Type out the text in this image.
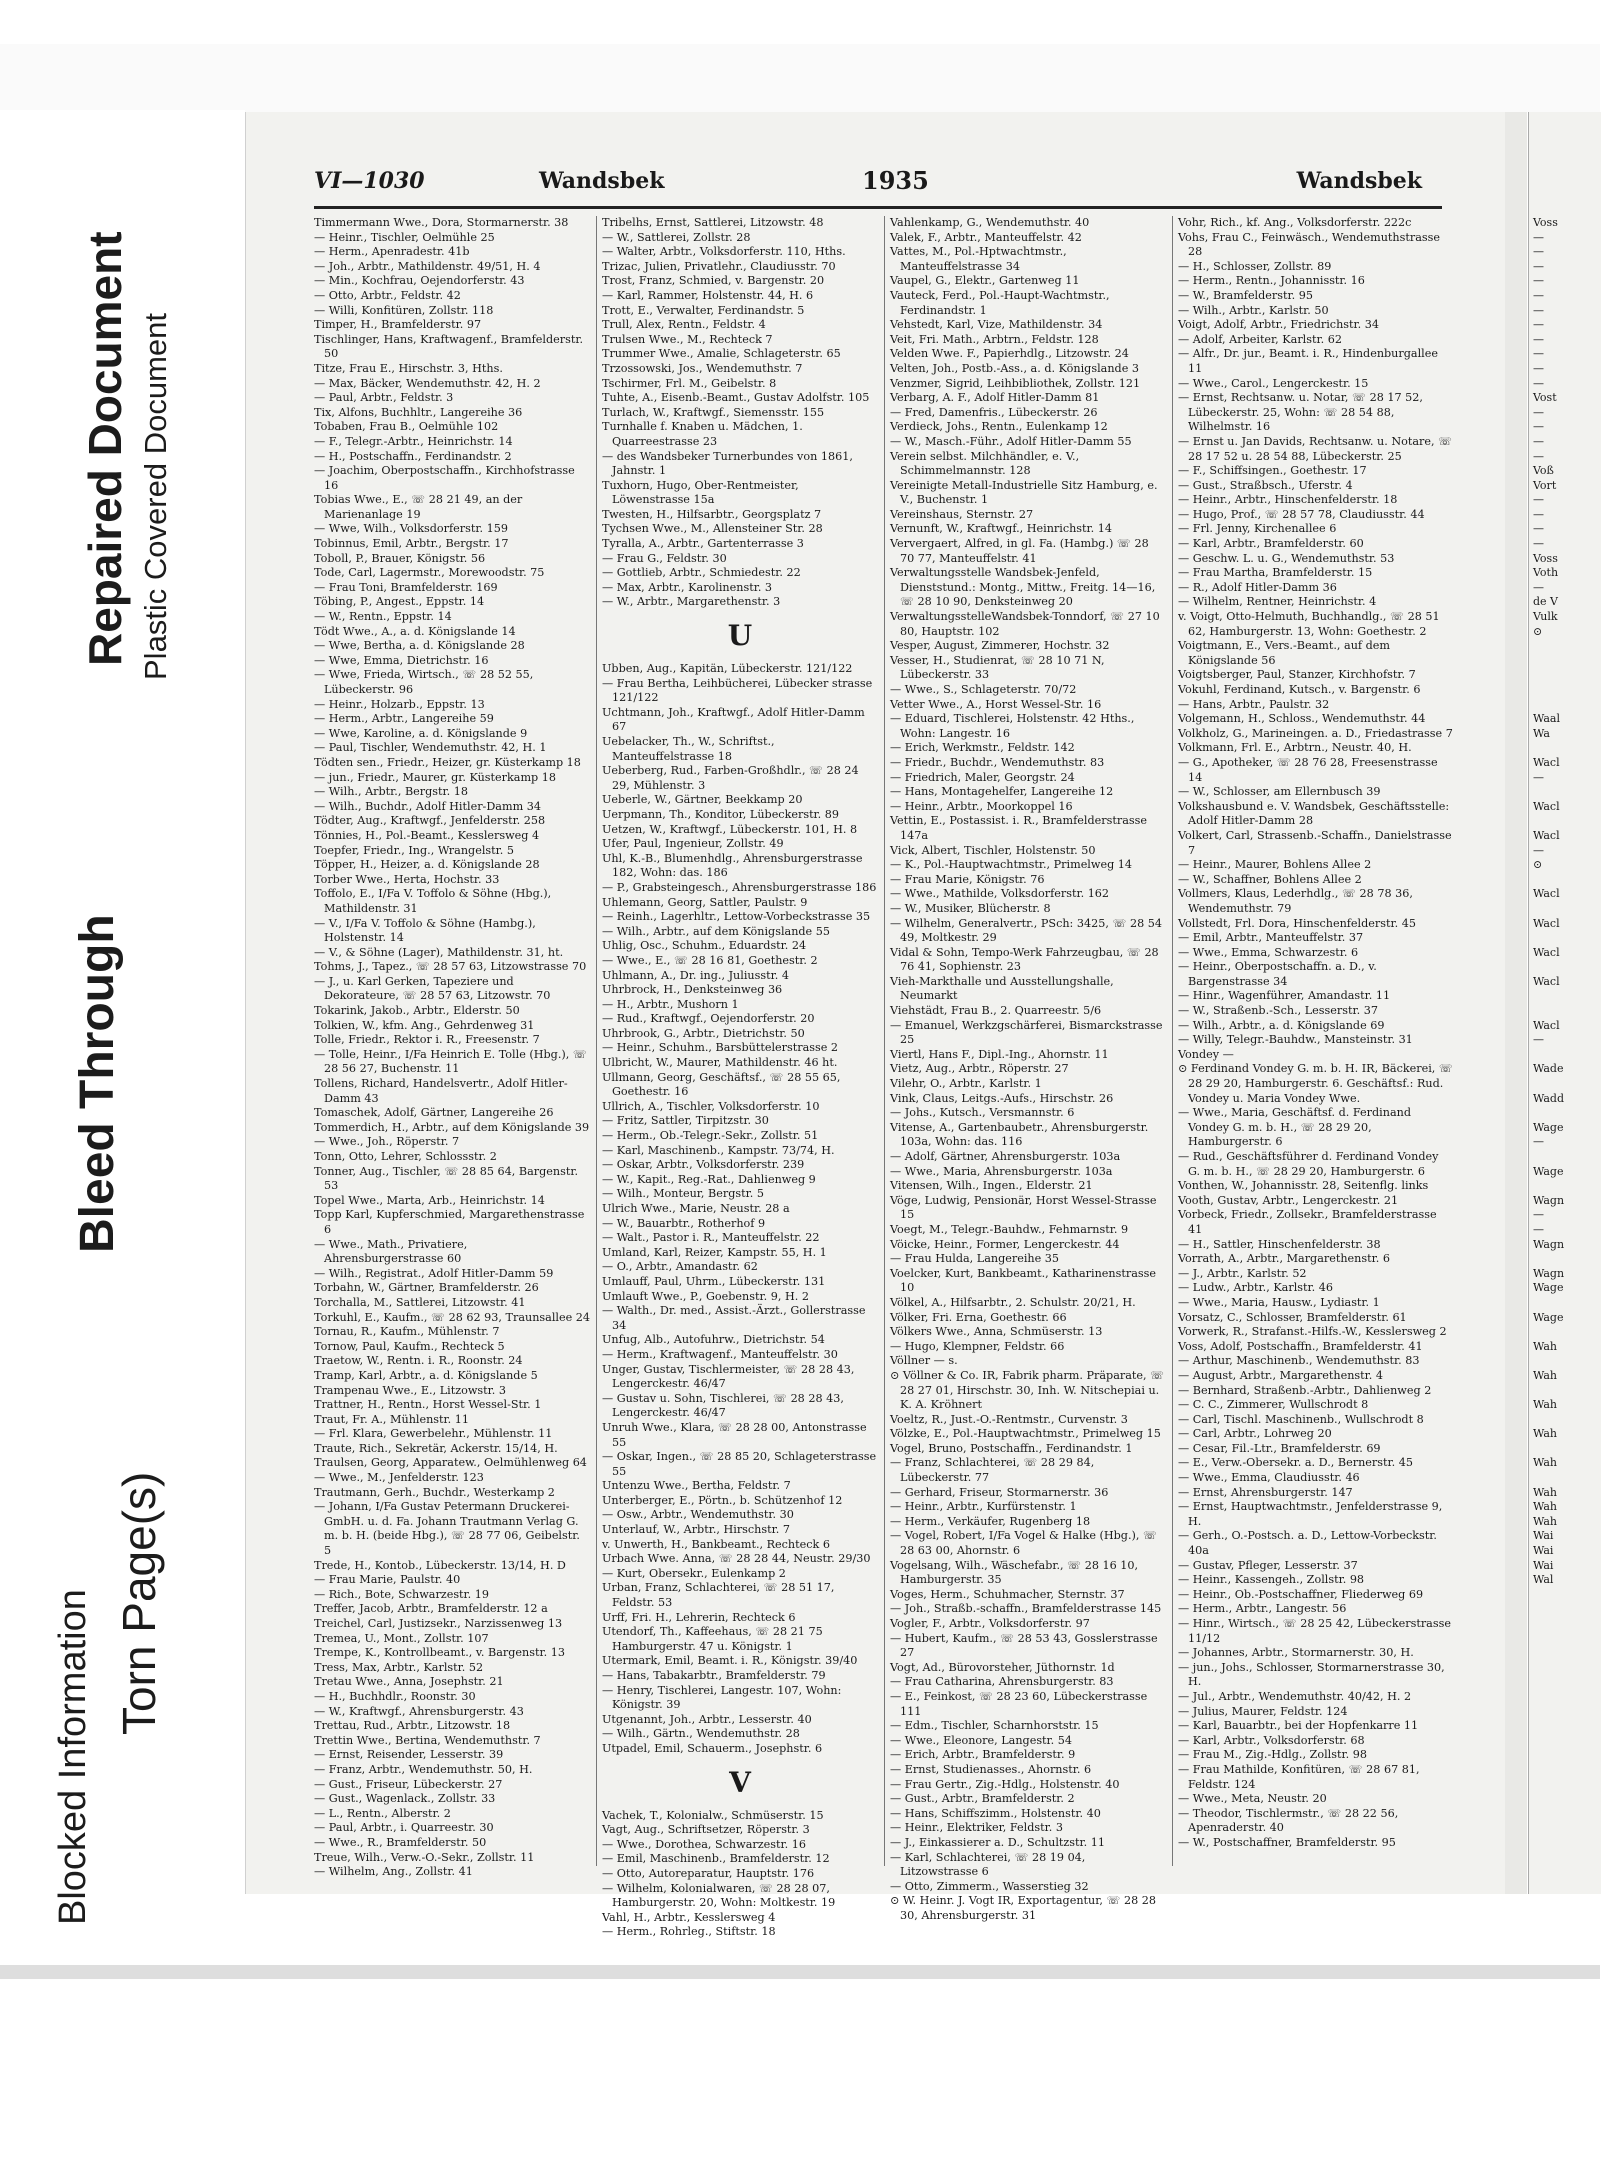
Blocked Information Torn Page(s)
Bleed Through
Repaired Document Plastic Covered Document
VI—1030	Wandsbek	1935	Wandsbek

Timmermann Wwe., Dora, Stormarnerstr. 38

— Heinr., Tischler, Oelmühle 25

— Herm., Apenradestr. 41b

— Joh., Arbtr., Mathildenstr. 49/51, H. 4

— Min., Kochfrau, Oejendorferstr. 43

— Otto, Arbtr., Feldstr. 42

— Willi, Konfitüren, Zollstr. 118

Timper, H., Bramfelderstr. 97

Tischlinger, Hans, Kraftwagenf., Bramfelderstr. 50

Titze, Frau E., Hirschstr. 3, Hths.

— Max, Bäcker, Wendemuthstr. 42, H. 2

— Paul, Arbtr., Feldstr. 3

Tix, Alfons, Buchhltr., Langereihe 36

Tobaben, Frau B., Oelmühle 102

— F., Telegr.-Arbtr., Heinrichstr. 14

— H., Postschaffn., Ferdinandstr. 2

— Joachim, Oberpostschaffn., Kirchhofstrasse 16

Tobias Wwe., E., ☏ 28 21 49, an der Marienanlage 19

— Wwe, Wilh., Volksdorferstr. 159

Tobinnus, Emil, Arbtr., Bergstr. 17

Toboll, P., Brauer, Königstr. 56

Tode, Carl, Lagermstr., Morewoodstr. 75

— Frau Toni, Bramfelderstr. 169

Töbing, P., Angest., Eppstr. 14

— W., Rentn., Eppstr. 14

Tödt Wwe., A., a. d. Königslande 14

— Wwe, Bertha, a. d. Königslande 28

— Wwe, Emma, Dietrichstr. 16

— Wwe, Frieda, Wirtsch., ☏ 28 52 55, Lübeckerstr. 96

— Heinr., Holzarb., Eppstr. 13

— Herm., Arbtr., Langereihe 59

— Wwe, Karoline, a. d. Königslande 9

— Paul, Tischler, Wendemuthstr. 42, H. 1

Tödten sen., Friedr., Heizer, gr. Küsterkamp 18

— jun., Friedr., Maurer, gr. Küsterkamp 18

— Wilh., Arbtr., Bergstr. 18

— Wilh., Buchdr., Adolf Hitler-Damm 34

Tödter, Aug., Kraftwgf., Jenfelderstr. 258

Tönnies, H., Pol.-Beamt., Kesslersweg 4

Toepfer, Friedr., Ing., Wrangelstr. 5

Töpper, H., Heizer, a. d. Königslande 28

Torber Wwe., Herta, Hochstr. 33

Toffolo, E., I/Fa V. Toffolo & Söhne (Hbg.), Mathildenstr. 31

— V., I/Fa V. Toffolo & Söhne (Hambg.), Holstenstr. 14

— V., & Söhne (Lager), Mathildenstr. 31, ht.

Tohms, J., Tapez., ☏ 28 57 63, Litzowstrasse 70

— J., u. Karl Gerken, Tapeziere und Dekorateure, ☏ 28 57 63, Litzowstr. 70

Tokarink, Jakob., Arbtr., Elderstr. 50

Tolkien, W., kfm. Ang., Gehrdenweg 31

Tolle, Friedr., Rektor i. R., Freesenstr. 7

— Tolle, Heinr., I/Fa Heinrich E. Tolle (Hbg.), ☏ 28 56 27, Buchenstr. 11

Tollens, Richard, Handelsvertr., Adolf Hitler-Damm 43

Tomaschek, Adolf, Gärtner, Langereihe 26

Tommerdich, H., Arbtr., auf dem Königslande 39

— Wwe., Joh., Röperstr. 7

Tonn, Otto, Lehrer, Schlossstr. 2

Tonner, Aug., Tischler, ☏ 28 85 64, Bargenstr. 53

Topel Wwe., Marta, Arb., Heinrichstr. 14

Topp Karl, Kupferschmied, Margarethenstrasse 6

— Wwe., Math., Privatiere, Ahrensburgerstrasse 60

— Wilh., Registrat., Adolf Hitler-Damm 59

Torbahn, W., Gärtner, Bramfelderstr. 26

Torchalla, M., Sattlerei, Litzowstr. 41

Torkuhl, E., Kaufm., ☏ 28 62 93, Traunsallee 24

Tornau, R., Kaufm., Mühlenstr. 7

Tornow, Paul, Kaufm., Rechteck 5

Traetow, W., Rentn. i. R., Roonstr. 24

Tramp, Karl, Arbtr., a. d. Königslande 5

Trampenau Wwe., E., Litzowstr. 3

Trattner, H., Rentn., Horst Wessel-Str. 1

Traut, Fr. A., Mühlenstr. 11

— Frl. Klara, Gewerbelehr., Mühlenstr. 11

Traute, Rich., Sekretär, Ackerstr. 15/14, H.

Traulsen, Georg, Apparatew., Oelmühlenweg 64

— Wwe., M., Jenfelderstr. 123

Trautmann, Gerh., Buchdr., Westerkamp 2

— Johann, I/Fa Gustav Petermann Druckerei-GmbH. u. d. Fa. Johann Trautmann Verlag G. m. b. H. (beide Hbg.), ☏ 28 77 06, Geibelstr. 5

Trede, H., Kontob., Lübeckerstr. 13/14, H. D

— Frau Marie, Paulstr. 40

— Rich., Bote, Schwarzestr. 19

Treffer, Jacob, Arbtr., Bramfelderstr. 12 a

Treichel, Carl, Justizsekr., Narzissenweg 13

Tremea, U., Mont., Zollstr. 107

Trempe, K., Kontrollbeamt., v. Bargenstr. 13

Tress, Max, Arbtr., Karlstr. 52

Tretau Wwe., Anna, Josephstr. 21

— H., Buchhdlr., Roonstr. 30

— W., Kraftwgf., Ahrensburgerstr. 43

Trettau, Rud., Arbtr., Litzowstr. 18

Trettin Wwe., Bertina, Wendemuthstr. 7

— Ernst, Reisender, Lesserstr. 39

— Franz, Arbtr., Wendemuthstr. 50, H.

— Gust., Friseur, Lübeckerstr. 27

— Gust., Wagenlack., Zollstr. 33

— L., Rentn., Alberstr. 2

— Paul, Arbtr., i. Quarreestr. 30

— Wwe., R., Bramfelderstr. 50

Treue, Wilh., Verw.-O.-Sekr., Zollstr. 11

— Wilhelm, Ang., Zollstr. 41

Tribelhs, Ernst, Sattlerei, Litzowstr. 48

— W., Sattlerei, Zollstr. 28

— Walter, Arbtr., Volksdorferstr. 110, Hths.

Trizac, Julien, Privatlehr., Claudiusstr. 70

Trost, Franz, Schmied, v. Bargenstr. 20

— Karl, Rammer, Holstenstr. 44, H. 6

Trott, E., Verwalter, Ferdinandstr. 5

Trull, Alex, Rentn., Feldstr. 4

Trulsen Wwe., M., Rechteck 7

Trummer Wwe., Amalie, Schlageterstr. 65

Trzossowski, Jos., Wendemuthstr. 7

Tschirmer, Frl. M., Geibelstr. 8

Tuhte, A., Eisenb.-Beamt., Gustav Adolfstr. 105

Turlach, W., Kraftwgf., Siemensstr. 155

Turnhalle f. Knaben u. Mädchen, 1. Quarreestrasse 23

— des Wandsbeker Turnerbundes von 1861, Jahnstr. 1

Tuxhorn, Hugo, Ober-Rentmeister, Löwenstrasse 15a

Twesten, H., Hilfsarbtr., Georgsplatz 7

Tychsen Wwe., M., Allensteiner Str. 28

Tyralla, A., Arbtr., Gartenterrasse 3

— Frau G., Feldstr. 30

— Gottlieb, Arbtr., Schmiedestr. 22

— Max, Arbtr., Karolinenstr. 3

— W., Arbtr., Margarethenstr. 3

U

Ubben, Aug., Kapitän, Lübeckerstr. 121/122

— Frau Bertha, Leihbücherei, Lübecker strasse 121/122

Uchtmann, Joh., Kraftwgf., Adolf Hitler-Damm 67

Uebelacker, Th., W., Schriftst., Manteuffelstrasse 18

Ueberberg, Rud., Farben-Großhdlr., ☏ 28 24 29, Mühlenstr. 3

Ueberle, W., Gärtner, Beekkamp 20

Uerpmann, Th., Konditor, Lübeckerstr. 89

Uetzen, W., Kraftwgf., Lübeckerstr. 101, H. 8

Ufer, Paul, Ingenieur, Zollstr. 49

Uhl, K.-B., Blumenhdlg., Ahrensburgerstrasse 182, Wohn: das. 186

— P., Grabsteingesch., Ahrensburgerstrasse 186

Uhlemann, Georg, Sattler, Paulstr. 9

— Reinh., Lagerhltr., Lettow-Vorbeckstrasse 35

— Wilh., Arbtr., auf dem Königslande 55

Uhlig, Osc., Schuhm., Eduardstr. 24

— Wwe., E., ☏ 28 16 81, Goethestr. 2

Uhlmann, A., Dr. ing., Juliusstr. 4

Uhrbrock, H., Denksteinweg 36

— H., Arbtr., Mushorn 1

— Rud., Kraftwgf., Oejendorferstr. 20

Uhrbrook, G., Arbtr., Dietrichstr. 50

— Heinr., Schuhm., Barsbüttelerstrasse 2

Ulbricht, W., Maurer, Mathildenstr. 46 ht.

Ullmann, Georg, Geschäftsf., ☏ 28 55 65, Goethestr. 16

Ullrich, A., Tischler, Volksdorferstr. 10

— Fritz, Sattler, Tirpitzstr. 30

— Herm., Ob.-Telegr.-Sekr., Zollstr. 51

— Karl, Maschinenb., Kampstr. 73/74, H.

— Oskar, Arbtr., Volksdorferstr. 239

— W., Kapit., Reg.-Rat., Dahlienweg 9

— Wilh., Monteur, Bergstr. 5

Ulrich Wwe., Marie, Neustr. 28 a

— W., Bauarbtr., Rotherhof 9

— Walt., Pastor i. R., Manteuffelstr. 22

Umland, Karl, Reizer, Kampstr. 55, H. 1

— O., Arbtr., Amandastr. 62

Umlauff, Paul, Uhrm., Lübeckerstr. 131

Umlauft Wwe., P., Goebenstr. 9, H. 2

— Walth., Dr. med., Assist.-Ärzt., Gollerstrasse 34

Unfug, Alb., Autofuhrw., Dietrichstr. 54

— Herm., Kraftwagenf., Manteuffelstr. 30

Unger, Gustav, Tischlermeister, ☏ 28 28 43, Lengerckestr. 46/47

— Gustav u. Sohn, Tischlerei, ☏ 28 28 43, Lengerckestr. 46/47

Unruh Wwe., Klara, ☏ 28 28 00, Antonstrasse 55

— Oskar, Ingen., ☏ 28 85 20, Schlageterstrasse 55

Untenzu Wwe., Bertha, Feldstr. 7

Unterberger, E., Pörtn., b. Schützenhof 12

— Osw., Arbtr., Wendemuthstr. 30

Unterlauf, W., Arbtr., Hirschstr. 7

v. Unwerth, H., Bankbeamt., Rechteck 6

Urbach Wwe. Anna, ☏ 28 28 44, Neustr. 29/30

— Kurt, Obersekr., Eulenkamp 2

Urban, Franz, Schlachterei, ☏ 28 51 17, Feldstr. 53

Urff, Fri. H., Lehrerin, Rechteck 6

Utendorf, Th., Kaffeehaus, ☏ 28 21 75 Hamburgerstr. 47 u. Königstr. 1

Utermark, Emil, Beamt. i. R., Königstr. 39/40

— Hans, Tabakarbtr., Bramfelderstr. 79

— Henry, Tischlerei, Langestr. 107, Wohn: Königstr. 39

Utgenannt, Joh., Arbtr., Lesserstr. 40

— Wilh., Gärtn., Wendemuthstr. 28

Utpadel, Emil, Schauerm., Josephstr. 6

V

Vachek, T., Kolonialw., Schmüserstr. 15

Vagt, Aug., Schriftsetzer, Röperstr. 3

— Wwe., Dorothea, Schwarzestr. 16

— Emil, Maschinenb., Bramfelderstr. 12

— Otto, Autoreparatur, Hauptstr. 176

— Wilhelm, Kolonialwaren, ☏ 28 28 07, Hamburgerstr. 20, Wohn: Moltkestr. 19

Vahl, H., Arbtr., Kesslersweg 4

— Herm., Rohrleg., Stiftstr. 18

Vahlenkamp, G., Wendemuthstr. 40

Valek, F., Arbtr., Manteuffelstr. 42

Vattes, M., Pol.-Hptwachtmstr., Manteuffelstrasse 34

Vaupel, G., Elektr., Gartenweg 11

Vauteck, Ferd., Pol.-Haupt-Wachtmstr., Ferdinandstr. 1

Vehstedt, Karl, Vize, Mathildenstr. 34

Veit, Fri. Math., Arbtrn., Feldstr. 128

Velden Wwe. F., Papierhdlg., Litzowstr. 24

Velten, Joh., Postb.-Ass., a. d. Königslande 3

Venzmer, Sigrid, Leihbibliothek, Zollstr. 121

Verbarg, A. F., Adolf Hitler-Damm 81

— Fred, Damenfris., Lübeckerstr. 26

Verdieck, Johs., Rentn., Eulenkamp 12

— W., Masch.-Führ., Adolf Hitler-Damm 55

Verein selbst. Milchhändler, e. V., Schimmelmannstr. 128

Vereinigte Metall-Industrielle Sitz Hamburg, e. V., Buchenstr. 1

Vereinshaus, Sternstr. 27

Vernunft, W., Kraftwgf., Heinrichstr. 14

Ververgaert, Alfred, in gl. Fa. (Hambg.) ☏ 28 70 77, Manteuffelstr. 41

Verwaltungsstelle Wandsbek-Jenfeld, Dienststund.: Montg., Mittw., Freitg. 14—16, ☏ 28 10 90, Denksteinweg 20

VerwaltungsstelleWandsbek-Tonndorf, ☏ 27 10 80, Hauptstr. 102

Vesper, August, Zimmerer, Hochstr. 32

Vesser, H., Studienrat, ☏ 28 10 71 N, Lübeckerstr. 33

— Wwe., S., Schlageterstr. 70/72

Vetter Wwe., A., Horst Wessel-Str. 16

— Eduard, Tischlerei, Holstenstr. 42 Hths., Wohn: Langestr. 16

— Erich, Werkmstr., Feldstr. 142

— Friedr., Buchdr., Wendemuthstr. 83

— Friedrich, Maler, Georgstr. 24

— Hans, Montagehelfer, Langereihe 12

— Heinr., Arbtr., Moorkoppel 16

Vettin, E., Postassist. i. R., Bramfelderstrasse 147a

Vick, Albert, Tischler, Holstenstr. 50

— K., Pol.-Hauptwachtmstr., Primelweg 14

— Frau Marie, Königstr. 76

— Wwe., Mathilde, Volksdorferstr. 162

— W., Musiker, Blücherstr. 8

— Wilhelm, Generalvertr., PSch: 3425, ☏ 28 54 49, Moltkestr. 29

Vidal & Sohn, Tempo-Werk Fahrzeugbau, ☏ 28 76 41, Sophienstr. 23

Vieh-Markthalle und Ausstellungshalle, Neumarkt

Viehstädt, Frau B., 2. Quarreestr. 5/6

— Emanuel, Werkzgschärferei, Bismarckstrasse 25

Viertl, Hans F., Dipl.-Ing., Ahornstr. 11

Vietz, Aug., Arbtr., Röperstr. 27

Vilehr, O., Arbtr., Karlstr. 1

Vink, Claus, Leitgs.-Aufs., Hirschstr. 26

— Johs., Kutsch., Versmannstr. 6

Vitense, A., Gartenbaubetr., Ahrensburgerstr. 103a, Wohn: das. 116

— Adolf, Gärtner, Ahrensburgerstr. 103a

— Wwe., Maria, Ahrensburgerstr. 103a

Vitensen, Wilh., Ingen., Elderstr. 21

Vöge, Ludwig, Pensionär, Horst Wessel-Strasse 15

Voegt, M., Telegr.-Bauhdw., Fehmarnstr. 9

Vöicke, Heinr., Former, Lengerckestr. 44

— Frau Hulda, Langereihe 35

Voelcker, Kurt, Bankbeamt., Katharinenstrasse 10

Völkel, A., Hilfsarbtr., 2. Schulstr. 20/21, H.

Völker, Fri. Erna, Goethestr. 66

Völkers Wwe., Anna, Schmüserstr. 13

— Hugo, Klempner, Feldstr. 66

Völlner — s.

⊙ Völlner & Co. IR, Fabrik pharm. Präparate, ☏ 28 27 01, Hirschstr. 30, Inh. W. Nitschepiai u. K. A. Kröhnert

Voeltz, R., Just.-O.-Rentmstr., Curvenstr. 3

Völzke, E., Pol.-Hauptwachtmstr., Primelweg 15

Vogel, Bruno, Postschaffn., Ferdinandstr. 1

— Franz, Schlachterei, ☏ 28 29 84, Lübeckerstr. 77

— Gerhard, Friseur, Stormarnerstr. 36

— Heinr., Arbtr., Kurfürstenstr. 1

— Herm., Verkäufer, Rugenberg 18

— Vogel, Robert, I/Fa Vogel & Halke (Hbg.), ☏ 28 63 00, Ahornstr. 6

Vogelsang, Wilh., Wäschefabr., ☏ 28 16 10, Hamburgerstr. 35

Voges, Herm., Schuhmacher, Sternstr. 37

— Joh., Straßb.-schaffn., Bramfelderstrasse 145

Vogler, F., Arbtr., Volksdorferstr. 97

— Hubert, Kaufm., ☏ 28 53 43, Gosslerstrasse 27

Vogt, Ad., Bürovorsteher, Jüthornstr. 1d

— Frau Catharina, Ahrensburgerstr. 83

— E., Feinkost, ☏ 28 23 60, Lübeckerstrasse 111

— Edm., Tischler, Scharnhorststr. 15

— Wwe., Eleonore, Langestr. 54

— Erich, Arbtr., Bramfelderstr. 9

— Ernst, Studienasses., Ahornstr. 6

— Frau Gertr., Zig.-Hdlg., Holstenstr. 40

— Gust., Arbtr., Bramfelderstr. 2

— Hans, Schiffszimm., Holstenstr. 40

— Heinr., Elektriker, Feldstr. 3

— J., Einkassierer a. D., Schultzstr. 11

— Karl, Schlachterei, ☏ 28 19 04, Litzowstrasse 6

— Otto, Zimmerm., Wasserstieg 32

⊙ W. Heinr. J. Vogt IR, Exportagentur, ☏ 28 28 30, Ahrensburgerstr. 31

Vohr, Rich., kf. Ang., Volksdorferstr. 222c

Vohs, Frau C., Feinwäsch., Wendemuthstrasse 28

— H., Schlosser, Zollstr. 89

— Herm., Rentn., Johannisstr. 16

— W., Bramfelderstr. 95

— Wilh., Arbtr., Karlstr. 50

Voigt, Adolf, Arbtr., Friedrichstr. 34

— Adolf, Arbeiter, Karlstr. 62

— Alfr., Dr. jur., Beamt. i. R., Hindenburgallee 11

— Wwe., Carol., Lengerckestr. 15

— Ernst, Rechtsanw. u. Notar, ☏ 28 17 52, Lübeckerstr. 25, Wohn: ☏ 28 54 88, Wilhelmstr. 16

— Ernst u. Jan Davids, Rechtsanw. u. Notare, ☏ 28 17 52 u. 28 54 88, Lübeckerstr. 25

— F., Schiffsingen., Goethestr. 17

— Gust., Straßbsch., Uferstr. 4

— Heinr., Arbtr., Hinschenfelderstr. 18

— Hugo, Prof., ☏ 28 57 78, Claudiusstr. 44

— Frl. Jenny, Kirchenallee 6

— Karl, Arbtr., Bramfelderstr. 60

— Geschw. L. u. G., Wendemuthstr. 53

— Frau Martha, Bramfelderstr. 15

— R., Adolf Hitler-Damm 36

— Wilhelm, Rentner, Heinrichstr. 4

v. Voigt, Otto-Helmuth, Buchhandlg., ☏ 28 51 62, Hamburgerstr. 13, Wohn: Goethestr. 2

Voigtmann, E., Vers.-Beamt., auf dem Königslande 56

Voigtsberger, Paul, Stanzer, Kirchhofstr. 7

Vokuhl, Ferdinand, Kutsch., v. Bargenstr. 6

— Hans, Arbtr., Paulstr. 32

Volgemann, H., Schloss., Wendemuthstr. 44

Volkholz, G., Marineingen. a. D., Friedastrasse 7

Volkmann, Frl. E., Arbtrn., Neustr. 40, H.

— G., Apotheker, ☏ 28 76 28, Freesenstrasse 14

— W., Schlosser, am Ellernbusch 39

Volkshausbund e. V. Wandsbek, Geschäftsstelle: Adolf Hitler-Damm 28

Volkert, Carl, Strassenb.-Schaffn., Danielstrasse 7

— Heinr., Maurer, Bohlens Allee 2

— W., Schaffner, Bohlens Allee 2

Vollmers, Klaus, Lederhdlg., ☏ 28 78 36, Wendemuthstr. 79

Vollstedt, Frl. Dora, Hinschenfelderstr. 45

— Emil, Arbtr., Manteuffelstr. 37

— Wwe., Emma, Schwarzestr. 6

— Heinr., Oberpostschaffn. a. D., v. Bargenstrasse 34

— Hinr., Wagenführer, Amandastr. 11

— W., Straßenb.-Sch., Lesserstr. 37

— Wilh., Arbtr., a. d. Königslande 69

— Willy, Telegr.-Bauhdw., Mansteinstr. 31

Vondey —

⊙ Ferdinand Vondey G. m. b. H. IR, Bäckerei, ☏ 28 29 20, Hamburgerstr. 6. Geschäftsf.: Rud. Vondey u. Maria Vondey Wwe.

— Wwe., Maria, Geschäftsf. d. Ferdinand Vondey G. m. b. H., ☏ 28 29 20, Hamburgerstr. 6

— Rud., Geschäftsführer d. Ferdinand Vondey G. m. b. H., ☏ 28 29 20, Hamburgerstr. 6

Vonthen, W., Johannisstr. 28, Seitenflg. links

Vooth, Gustav, Arbtr., Lengerckestr. 21

Vorbeck, Friedr., Zollsekr., Bramfelderstrasse 41

— H., Sattler, Hinschenfelderstr. 38

Vorrath, A., Arbtr., Margarethenstr. 6

— J., Arbtr., Karlstr. 52

— Ludw., Arbtr., Karlstr. 46

— Wwe., Maria, Hausw., Lydiastr. 1

Vorsatz, C., Schlosser, Bramfelderstr. 61

Vorwerk, R., Strafanst.-Hilfs.-W., Kesslersweg 2

Voss, Adolf, Postschaffn., Bramfelderstr. 41

— Arthur, Maschinenb., Wendemuthstr. 83

— August, Arbtr., Margarethenstr. 4

— Bernhard, Straßenb.-Arbtr., Dahlienweg 2

— C. C., Zimmerer, Wullschrodt 8

— Carl, Tischl. Maschinenb., Wullschrodt 8

— Carl, Arbtr., Lohrweg 20

— Cesar, Fil.-Ltr., Bramfelderstr. 69

— E., Verw.-Obersekr. a. D., Bernerstr. 45

— Wwe., Emma, Claudiusstr. 46

— Ernst, Ahrensburgerstr. 147

— Ernst, Hauptwachtmstr., Jenfelderstrasse 9, H.

— Gerh., O.-Postsch. a. D., Lettow-Vorbeckstr. 40a

— Gustav, Pfleger, Lesserstr. 37

— Heinr., Kassengeh., Zollstr. 98

— Heinr., Ob.-Postschaffner, Fliederweg 69

— Herm., Arbtr., Langestr. 56

— Hinr., Wirtsch., ☏ 28 25 42, Lübeckerstrasse 11/12

— Johannes, Arbtr., Stormarnerstr. 30, H.

— jun., Johs., Schlosser, Stormarnerstrasse 30, H.

— Jul., Arbtr., Wendemuthstr. 40/42, H. 2

— Julius, Maurer, Feldstr. 124

— Karl, Bauarbtr., bei der Hopfenkarre 11

— Karl, Arbtr., Volksdorferstr. 68

— Frau M., Zig.-Hdlg., Zollstr. 98

— Frau Mathilde, Konfitüren, ☏ 28 67 81, Feldstr. 124

— Wwe., Meta, Neustr. 20

— Theodor, Tischlermstr., ☏ 28 22 56, Apenraderstr. 40

— W., Postschaffner, Bramfelderstr. 95

Voss

—

—

—

—

—

—

—

—

—

—

—

Vost

—

—

—

—

Voß

Vort

—

—

—

—

Voss

Voth

—

de V

Vulk

⊙

Waal

Wa

Wacl

—

Wacl

Wacl

—

⊙

Wacl

Wacl

Wacl

Wacl

Wacl

—

Wade

Wadd

Wage

—

Wage

Wagn

—

—

Wagn

Wagn

Wage

Wage

Wah

Wah

Wah

Wah

Wah

Wah

Wah

Wah

Wai

Wai

Wai

Wal
